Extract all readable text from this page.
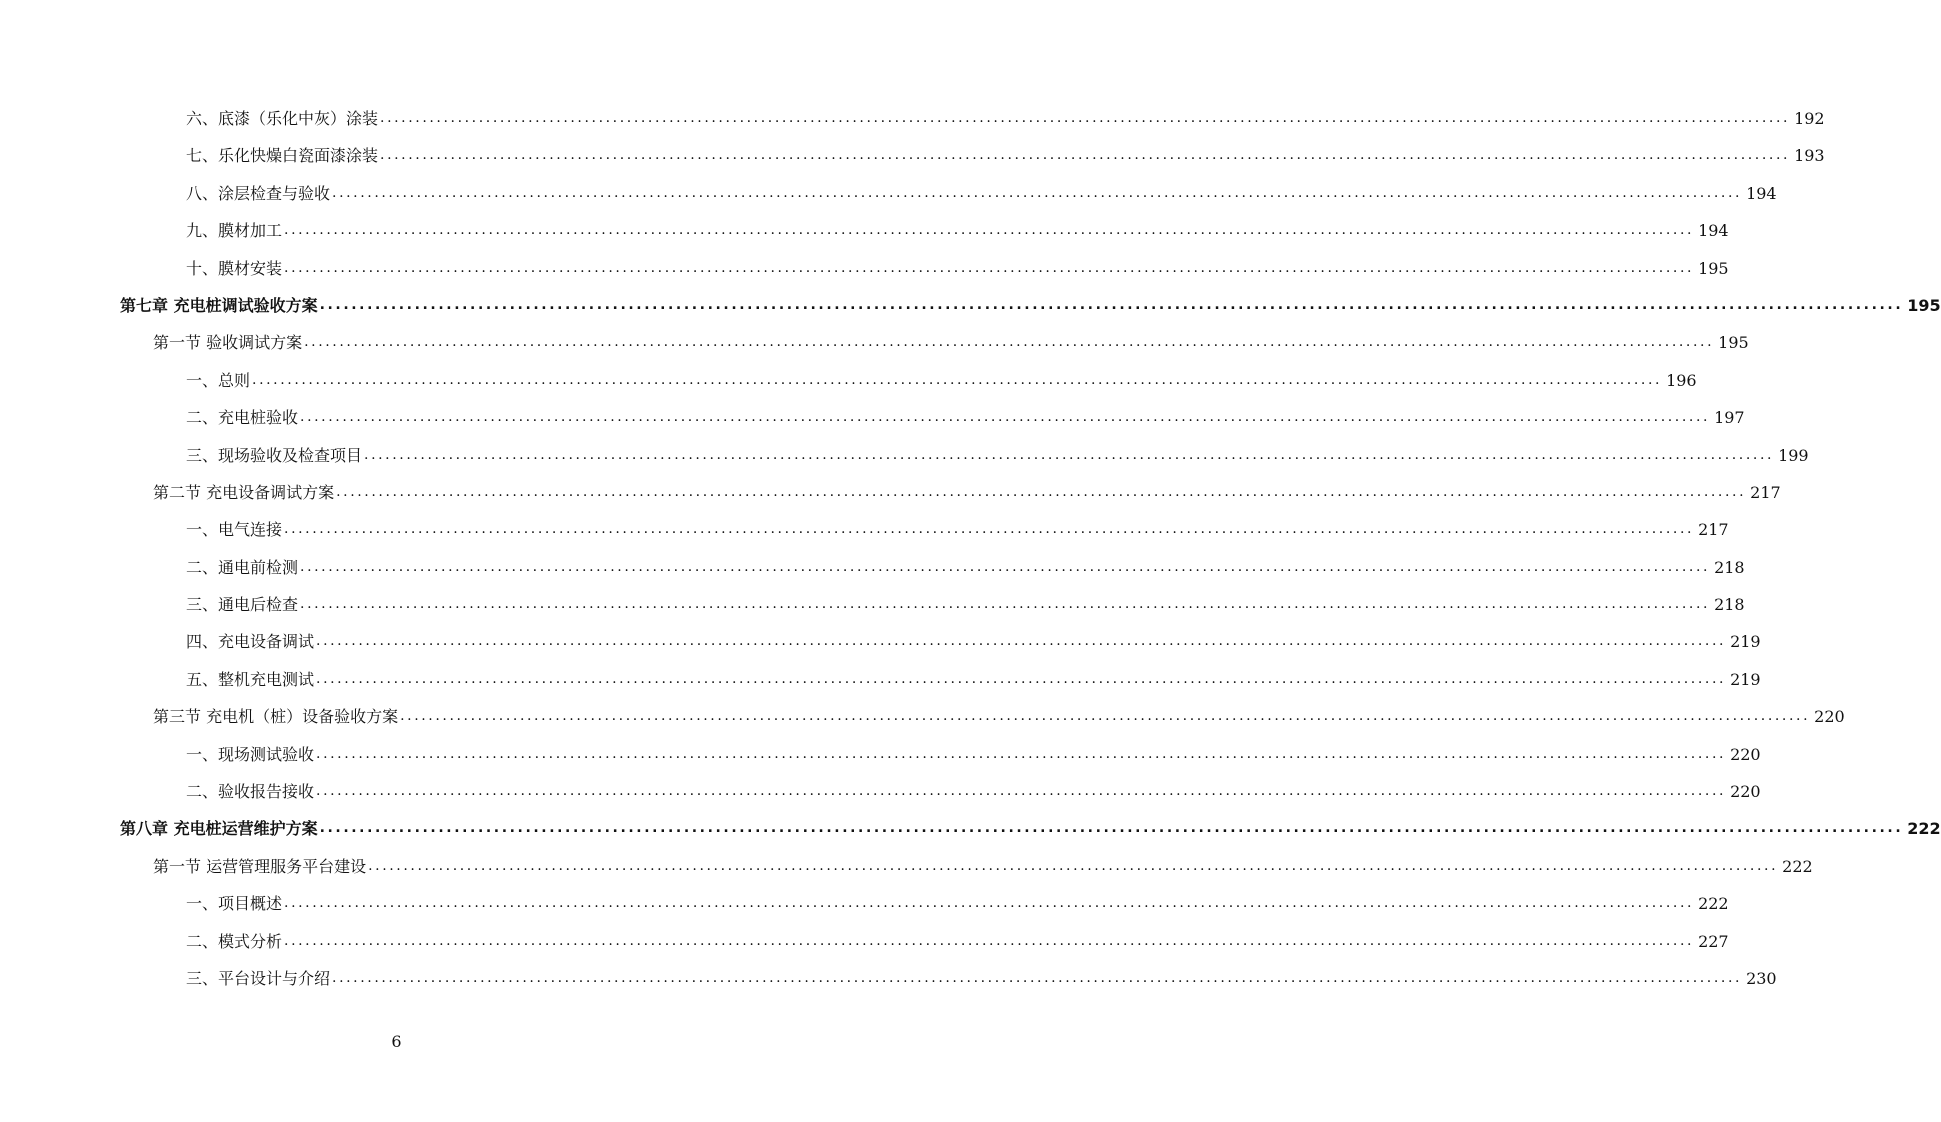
六、底漆（乐化中灰）涂装 ........................................................................................................................................................................................................ 192
七、乐化快燥白瓷面漆涂装 ........................................................................................................................................................................................................ 193
八、涂层检查与验收 ........................................................................................................................................................................................................ 194
九、膜材加工 ........................................................................................................................................................................................................ 194
十、膜材安装 ........................................................................................................................................................................................................ 195
第七章 充电桩调试验收方案 ........................................................................................................................................................................................................ 195
第一节 验收调试方案 ........................................................................................................................................................................................................ 195
一、总则 ........................................................................................................................................................................................................ 196
二、充电桩验收 ........................................................................................................................................................................................................ 197
三、现场验收及检查项目 ........................................................................................................................................................................................................ 199
第二节 充电设备调试方案 ........................................................................................................................................................................................................ 217
一、电气连接 ........................................................................................................................................................................................................ 217
二、通电前检测 ........................................................................................................................................................................................................ 218
三、通电后检查 ........................................................................................................................................................................................................ 218
四、充电设备调试 ........................................................................................................................................................................................................ 219
五、整机充电测试 ........................................................................................................................................................................................................ 219
第三节 充电机（桩）设备验收方案 ........................................................................................................................................................................................................ 220
一、现场测试验收 ........................................................................................................................................................................................................ 220
二、验收报告接收 ........................................................................................................................................................................................................ 220
第八章 充电桩运营维护方案 ........................................................................................................................................................................................................ 222
第一节 运营管理服务平台建设 ........................................................................................................................................................................................................ 222
一、项目概述 ........................................................................................................................................................................................................ 222
二、模式分析 ........................................................................................................................................................................................................ 227
三、平台设计与介绍 ........................................................................................................................................................................................................ 230
6
